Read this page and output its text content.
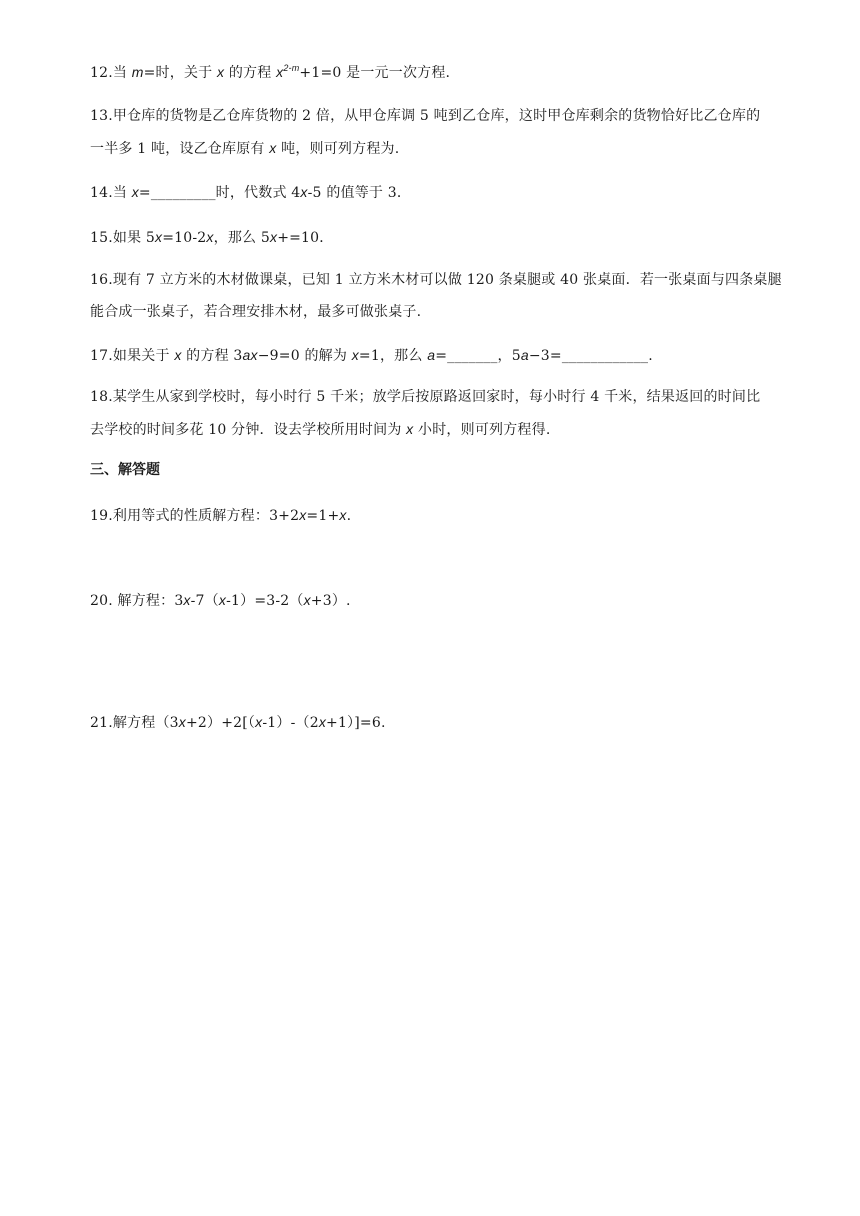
12.当 m=时，关于 x 的方程 $x^{2-m}+1=0$ 是一元一次方程.
13.甲仓库的货物是乙仓库货物的 2 倍，从甲仓库调 5 吨到乙仓库，这时甲仓库剩余的货物恰好比乙仓库的
一半多 1 吨，设乙仓库原有 x 吨，则可列方程为.
14.当 x=_________时，代数式 4x-5 的值等于 3．
15.如果 5x=10-2x，那么 5x+=10．
16.现有 7 立方米的木材做课桌，已知 1 立方米木材可以做 120 条桌腿或 40 张桌面．若一张桌面与四条桌腿
能合成一张桌子，若合理安排木材，最多可做张桌子.
17.如果关于 x 的方程 3ax−9=0 的解为 x=1，那么 a=_______，5a−3=____________.
18.某学生从家到学校时，每小时行 5 千米；放学后按原路返回家时，每小时行 4 千米，结果返回的时间比
去学校的时间多花 10 分钟．设去学校所用时间为 x 小时，则可列方程得.
三、解答题
19.利用等式的性质解方程：3+2x=1+x.
20. 解方程：3x-7（x-1）=3-2（x+3）.
21.解方程（3x+2）+2[（x-1）-（2x+1）]=6.
